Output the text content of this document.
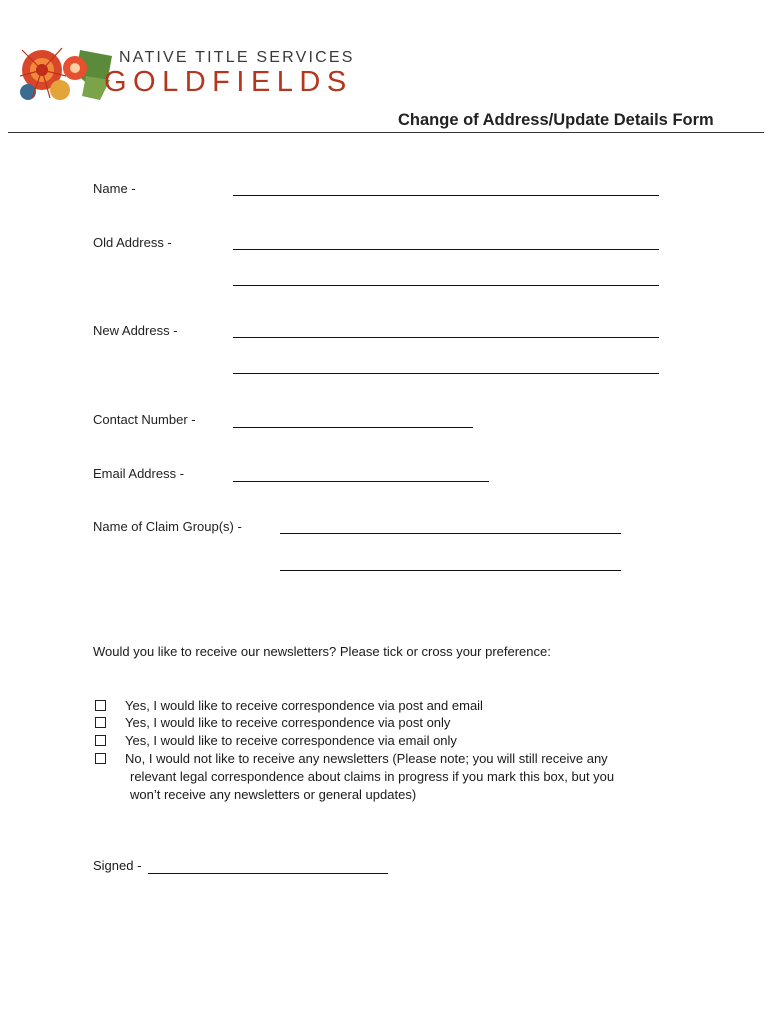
NATIVE TITLE SERVICES
GOLDFIELDS
Change of Address/Update Details Form
Name -
Old Address -
New Address -
Contact Number -
Email Address -
Name of Claim Group(s) -
Would you like to receive our newsletters? Please tick or cross your preference:
Yes, I would like to receive correspondence via post and email
Yes, I would like to receive correspondence via post only
Yes, I would like to receive correspondence via email only
No, I would not like to receive any newsletters (Please note; you will still receive any
relevant legal correspondence about claims in progress if you mark this box, but you
won’t receive any newsletters or general updates)
Signed -
